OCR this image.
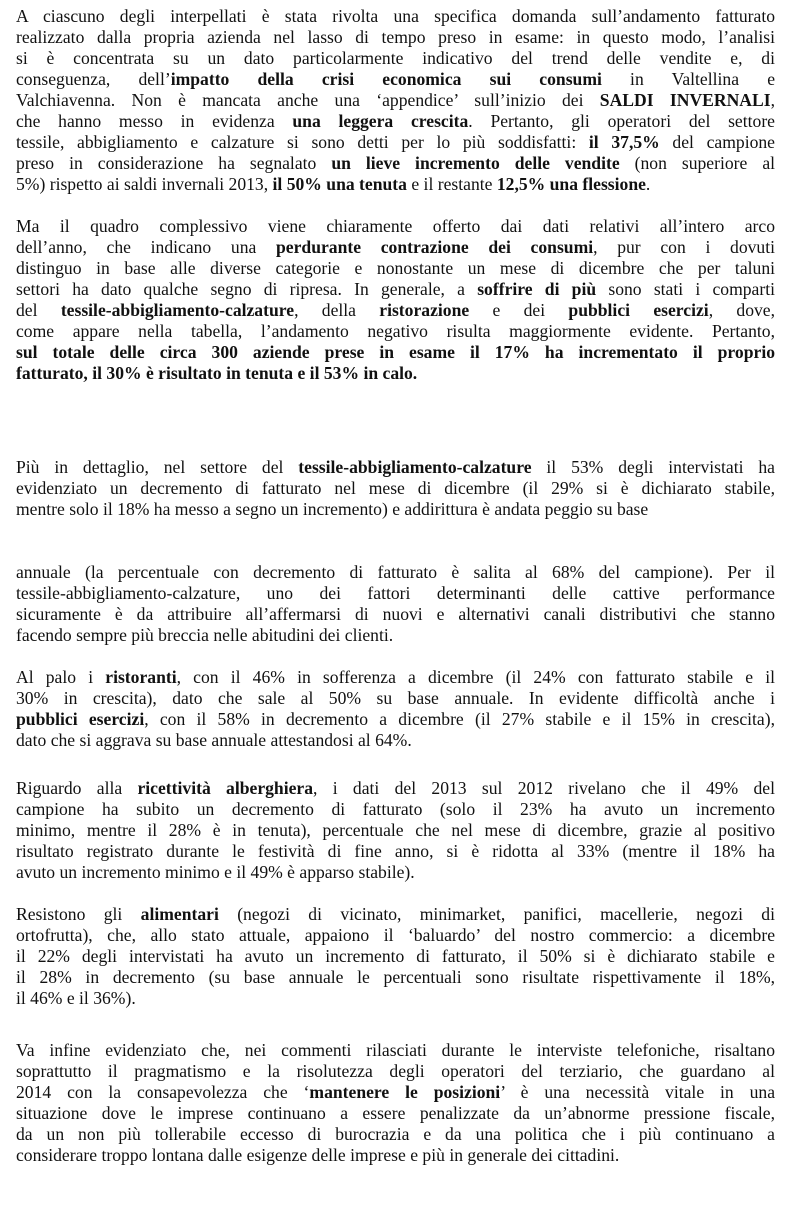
A ciascuno degli interpellati è stata rivolta una specifica domanda sull’andamento fatturato
realizzato dalla propria azienda nel lasso di tempo preso in esame: in questo modo, l’analisi
si è concentrata su un dato particolarmente indicativo del trend delle vendite e, di
conseguenza, dell’impatto della crisi economica sui consumi in Valtellina e
Valchiavenna. Non è mancata anche una ‘appendice’ sull’inizio dei SALDI INVERNALI,
che hanno messo in evidenza una leggera crescita. Pertanto, gli operatori del settore
tessile, abbigliamento e calzature si sono detti per lo più soddisfatti: il 37,5% del campione
preso in considerazione ha segnalato un lieve incremento delle vendite (non superiore al
5%) rispetto ai saldi invernali 2013, il 50% una tenuta e il restante 12,5% una flessione.
Ma il quadro complessivo viene chiaramente offerto dai dati relativi all’intero arco
dell’anno, che indicano una perdurante contrazione dei consumi, pur con i dovuti
distinguo in base alle diverse categorie e nonostante un mese di dicembre che per taluni
settori ha dato qualche segno di ripresa. In generale, a soffrire di più sono stati i comparti
del tessile-abbigliamento-calzature, della ristorazione e dei pubblici esercizi, dove,
come appare nella tabella, l’andamento negativo risulta maggiormente evidente. Pertanto,
sul totale delle circa 300 aziende prese in esame il 17% ha incrementato il proprio
fatturato, il 30% è risultato in tenuta e il 53% in calo.
Più in dettaglio, nel settore del tessile-abbigliamento-calzature il 53% degli intervistati ha
evidenziato un decremento di fatturato nel mese di dicembre (il 29% si è dichiarato stabile,
mentre solo il 18% ha messo a segno un incremento) e addirittura è andata peggio su base
annuale (la percentuale con decremento di fatturato è salita al 68% del campione). Per il
tessile-abbigliamento-calzature, uno dei fattori determinanti delle cattive performance
sicuramente è da attribuire all’affermarsi di nuovi e alternativi canali distributivi che stanno
facendo sempre più breccia nelle abitudini dei clienti.
Al palo i ristoranti, con il 46% in sofferenza a dicembre (il 24% con fatturato stabile e il
30% in crescita), dato che sale al 50% su base annuale. In evidente difficoltà anche i
pubblici esercizi, con il 58% in decremento a dicembre (il 27% stabile e il 15% in crescita),
dato che si aggrava su base annuale attestandosi al 64%.
Riguardo alla ricettività alberghiera, i dati del 2013 sul 2012 rivelano che il 49% del
campione ha subito un decremento di fatturato (solo il 23% ha avuto un incremento
minimo, mentre il 28% è in tenuta), percentuale che nel mese di dicembre, grazie al positivo
risultato registrato durante le festività di fine anno, si è ridotta al 33% (mentre il 18% ha
avuto un incremento minimo e il 49% è apparso stabile).
Resistono gli alimentari (negozi di vicinato, minimarket, panifici, macellerie, negozi di
ortofrutta), che, allo stato attuale, appaiono il ‘baluardo’ del nostro commercio: a dicembre
il 22% degli intervistati ha avuto un incremento di fatturato, il 50% si è dichiarato stabile e
il 28% in decremento (su base annuale le percentuali sono risultate rispettivamente il 18%,
il 46% e il 36%).
Va infine evidenziato che, nei commenti rilasciati durante le interviste telefoniche, risaltano
soprattutto il pragmatismo e la risolutezza degli operatori del terziario, che guardano al
2014 con la consapevolezza che ‘mantenere le posizioni’ è una necessità vitale in una
situazione dove le imprese continuano a essere penalizzate da un’abnorme pressione fiscale,
da un non più tollerabile eccesso di burocrazia e da una politica che i più continuano a
considerare troppo lontana dalle esigenze delle imprese e più in generale dei cittadini.
